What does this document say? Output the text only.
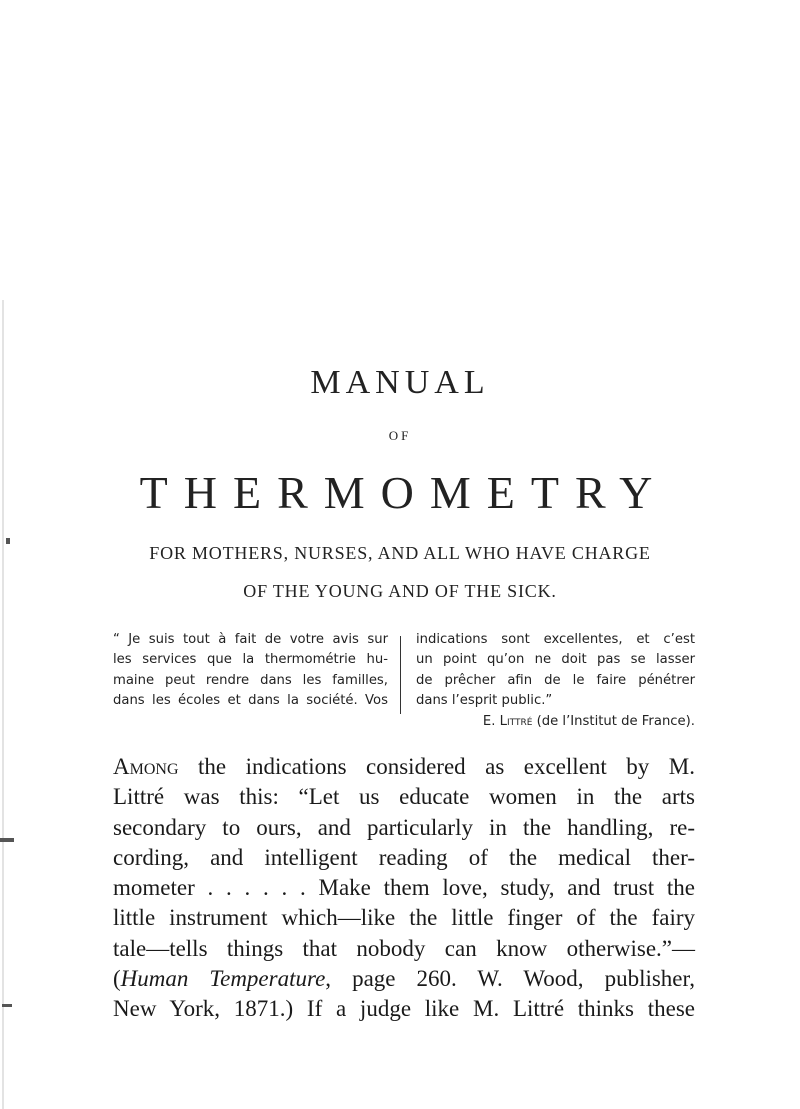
MANUAL
OF
THERMOMETRY
FOR MOTHERS, NURSES, AND ALL WHO HAVE CHARGE
OF THE YOUNG AND OF THE SICK.
“ Je suis tout à fait de votre avis sur
les services que la thermométrie hu-
maine peut rendre dans les familles,
dans les écoles et dans la société. Vos
indications sont excellentes, et c’est
un point qu’on ne doit pas se lasser
de prêcher afin de le faire pénétrer
dans l’esprit public.”
E. Littré (de l’Institut de France).
Among the indications considered as excellent by M.
Littré was this: “Let us educate women in the arts
secondary to ours, and particularly in the handling, re-
cording, and intelligent reading of the medical ther-
mometer . . . . . . Make them love, study, and trust the
little instrument which—like the little finger of the fairy
tale—tells things that nobody can know otherwise.”—
(Human Temperature, page 260. W. Wood, publisher,
New York, 1871.) If a judge like M. Littré thinks these
